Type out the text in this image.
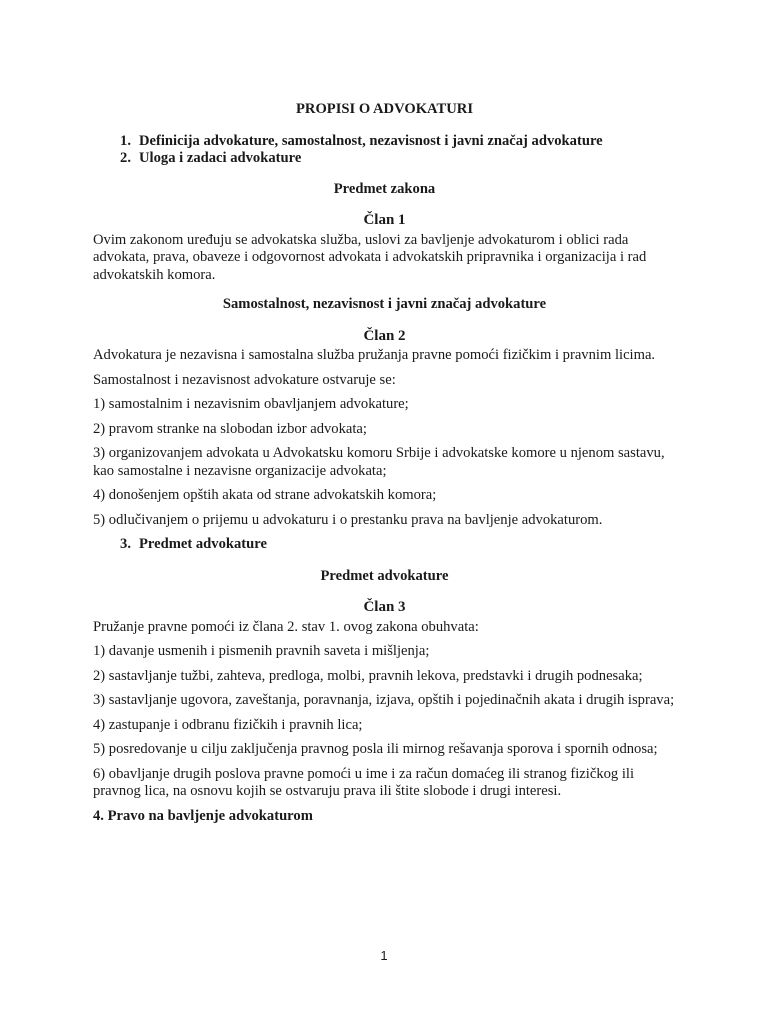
PROPISI O ADVOKATURI
1. Definicija advokature, samostalnost, nezavisnost i javni značaj advokature
2. Uloga i zadaci advokature
Predmet zakona
Član 1

Ovim zakonom uređuju se advokatska služba, uslovi za bavljenje advokaturom i oblici rada advokata, prava, obaveze i odgovornost advokata i advokatskih pripravnika i organizacija i rad advokatskih komora.

Samostalnost, nezavisnost i javni značaj advokature
Član 2

Advokatura je nezavisna i samostalna služba pružanja pravne pomoći fizičkim i pravnim licima.

Samostalnost i nezavisnost advokature ostvaruje se:

1) samostalnim i nezavisnim obavljanjem advokature;

2) pravom stranke na slobodan izbor advokata;

3) organizovanjem advokata u Advokatsku komoru Srbije i advokatske komore u njenom sastavu, kao samostalne i nezavisne organizacije advokata;

4) donošenjem opštih akata od strane advokatskih komora;

5) odlučivanjem o prijemu u advokaturu i o prestanku prava na bavljenje advokaturom.

3. Predmet advokature
Predmet advokature
Član 3

Pružanje pravne pomoći iz člana 2. stav 1. ovog zakona obuhvata:

1) davanje usmenih i pismenih pravnih saveta i mišljenja;

2) sastavljanje tužbi, zahteva, predloga, molbi, pravnih lekova, predstavki i drugih podnesaka;

3) sastavljanje ugovora, zaveštanja, poravnanja, izjava, opštih i pojedinačnih akata i drugih isprava;

4) zastupanje i odbranu fizičkih i pravnih lica;

5) posredovanje u cilju zaključenja pravnog posla ili mirnog rešavanja sporova i spornih odnosa;

6) obavljanje drugih poslova pravne pomoći u ime i za račun domaćeg ili stranog fizičkog ili pravnog lica, na osnovu kojih se ostvaruju prava ili štite slobode i drugi interesi.

4. Pravo na bavljenje advokaturom
1
